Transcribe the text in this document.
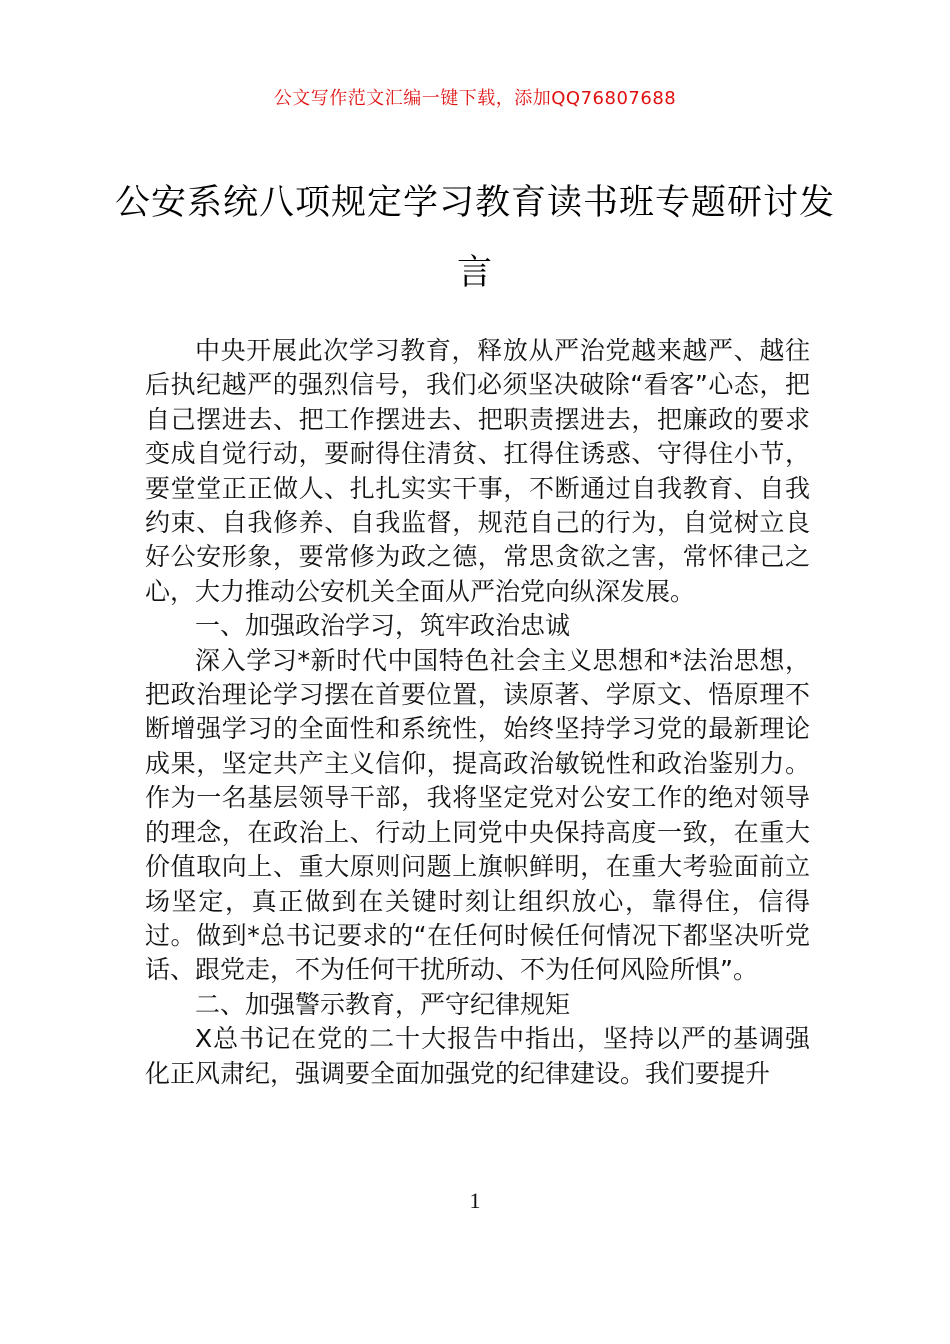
公文写作范文汇编一键下载，添加QQ76807688
公安系统八项规定学习教育读书班专题研讨发言

中央开展此次学习教育，释放从严治党越来越严、越往后执纪越严的强烈信号，我们必须坚决破除“看客”心态，把自己摆进去、把工作摆进去、把职责摆进去，把廉政的要求变成自觉行动，要耐得住清贫、扛得住诱惑、守得住小节，要堂堂正正做人、扎扎实实干事，不断通过自我教育、自我约束、自我修养、自我监督，规范自己的行为，自觉树立良好公安形象，要常修为政之德，常思贪欲之害，常怀律己之心，大力推动公安机关全面从严治党向纵深发展。

一、加强政治学习，筑牢政治忠诚

深入学习*新时代中国特色社会主义思想和*法治思想，把政治理论学习摆在首要位置，读原著、学原文、悟原理不断增强学习的全面性和系统性，始终坚持学习党的最新理论成果，坚定共产主义信仰，提高政治敏锐性和政治鉴别力。作为一名基层领导干部，我将坚定党对公安工作的绝对领导的理念，在政治上、行动上同党中央保持高度一致，在重大价值取向上、重大原则问题上旗帜鲜明，在重大考验面前立场坚定，真正做到在关键时刻让组织放心，靠得住，信得过。做到*总书记要求的“在任何时候任何情况下都坚决听党话、跟党走，不为任何干扰所动、不为任何风险所惧”。

二、加强警示教育，严守纪律规矩

X总书记在党的二十大报告中指出，坚持以严的基调强化正风肃纪，强调要全面加强党的纪律建设。我们要提升

1
